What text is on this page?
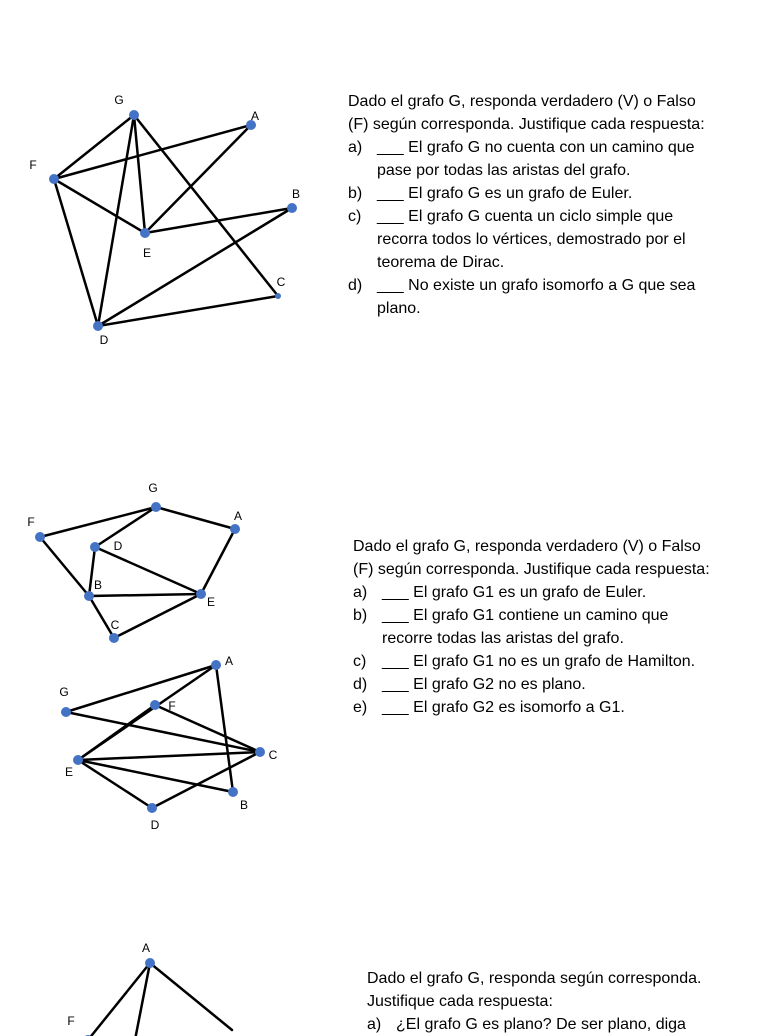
G
A
F
B
E
C
D
G
F	A
D
B
E
C
A
G
F
C
E
B
D
A
F

Dado el grafo G, responda verdadero (V) o Falso (F) según corresponda. Justifique cada respuesta:

a) ___ El grafo G no cuenta con un camino que pase por todas las aristas del grafo.
b) ___ El grafo G es un grafo de Euler.
c) ___ El grafo G cuenta un ciclo simple que recorra todos lo vértices, demostrado por el teorema de Dirac.
d) ___ No existe un grafo isomorfo a G que sea plano.

Dado el grafo G, responda verdadero (V) o Falso (F) según corresponda. Justifique cada respuesta:

a) ___ El grafo G1 es un grafo de Euler.
b) ___ El grafo G1 contiene un camino que recorre todas las aristas del grafo.
c) ___ El grafo G1 no es un grafo de Hamilton.
d) ___ El grafo G2 no es plano.
e) ___ El grafo G2 es isomorfo a G1.

Dado el grafo G, responda según corresponda. Justifique cada respuesta:

a) ¿El grafo G es plano? De ser plano, diga
